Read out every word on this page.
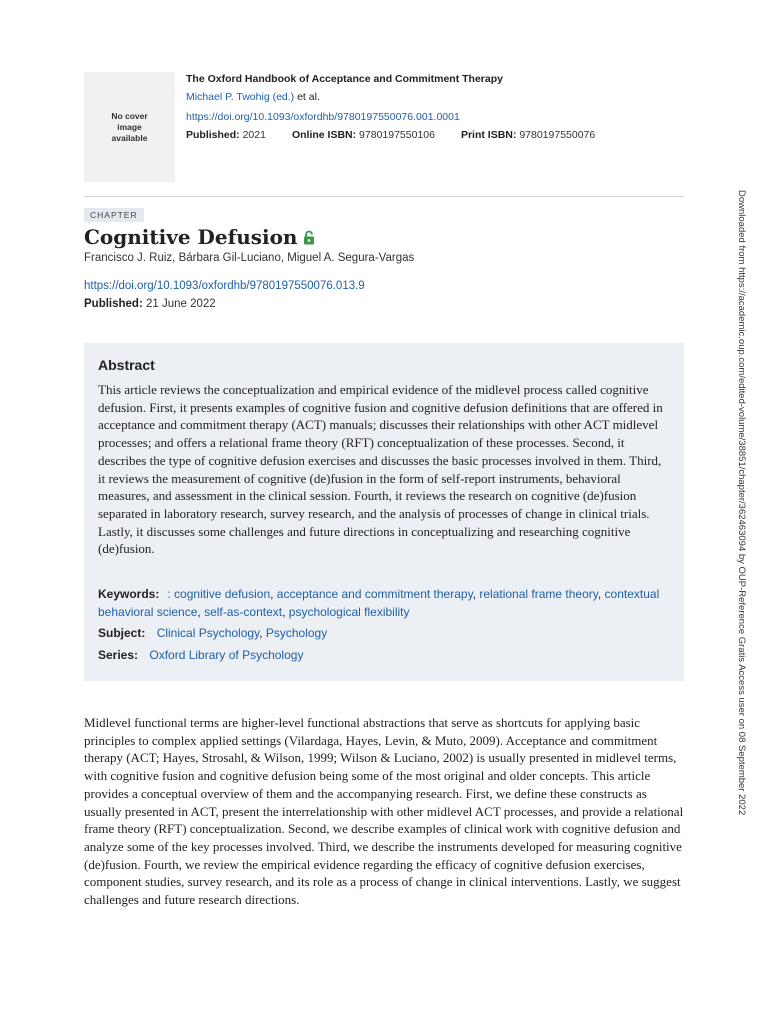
No cover image available
The Oxford Handbook of Acceptance and Commitment Therapy
Michael P. Twohig (ed.) et al.
https://doi.org/10.1093/oxfordhb/9780197550076.001.0001
Published: 2021 Online ISBN: 9780197550106 Print ISBN: 9780197550076
CHAPTER
Cognitive Defusion
Francisco J. Ruiz, Bárbara Gil-Luciano, Miguel A. Segura-Vargas
https://doi.org/10.1093/oxfordhb/9780197550076.013.9
Published: 21 June 2022
Abstract

This article reviews the conceptualization and empirical evidence of the midlevel process called cognitive defusion. First, it presents examples of cognitive fusion and cognitive defusion definitions that are offered in acceptance and commitment therapy (ACT) manuals; discusses their relationships with other ACT midlevel processes; and offers a relational frame theory (RFT) conceptualization of these processes. Second, it describes the type of cognitive defusion exercises and discusses the basic processes involved in them. Third, it reviews the measurement of cognitive (de)fusion in the form of self-report instruments, behavioral measures, and assessment in the clinical session. Fourth, it reviews the research on cognitive (de)fusion separated in laboratory research, survey research, and the analysis of processes of change in clinical trials. Lastly, it discusses some challenges and future directions in conceptualizing and researching cognitive (de)fusion.

Keywords: : cognitive defusion, acceptance and commitment therapy, relational frame theory, contextual behavioral science, self-as-context, psychological flexibility
Subject: Clinical Psychology, Psychology
Series: Oxford Library of Psychology

Midlevel functional terms are higher-level functional abstractions that serve as shortcuts for applying basic principles to complex applied settings (Vilardaga, Hayes, Levin, & Muto, 2009). Acceptance and commitment therapy (ACT; Hayes, Strosahl, & Wilson, 1999; Wilson & Luciano, 2002) is usually presented in midlevel terms, with cognitive fusion and cognitive defusion being some of the most original and older concepts. This article provides a conceptual overview of them and the accompanying research. First, we define these constructs as usually presented in ACT, present the interrelationship with other midlevel ACT processes, and provide a relational frame theory (RFT) conceptualization. Second, we describe examples of clinical work with cognitive defusion and analyze some of the key processes involved. Third, we describe the instruments developed for measuring cognitive (de)fusion. Fourth, we review the empirical evidence regarding the efficacy of cognitive defusion exercises, component studies, survey research, and its role as a process of change in clinical interventions. Lastly, we suggest challenges and future research directions.

Downloaded from https://academic.oup.com/edited-volume/38851/chapter/362463094 by OUP-Reference Gratis Access user on 08 September 2022
